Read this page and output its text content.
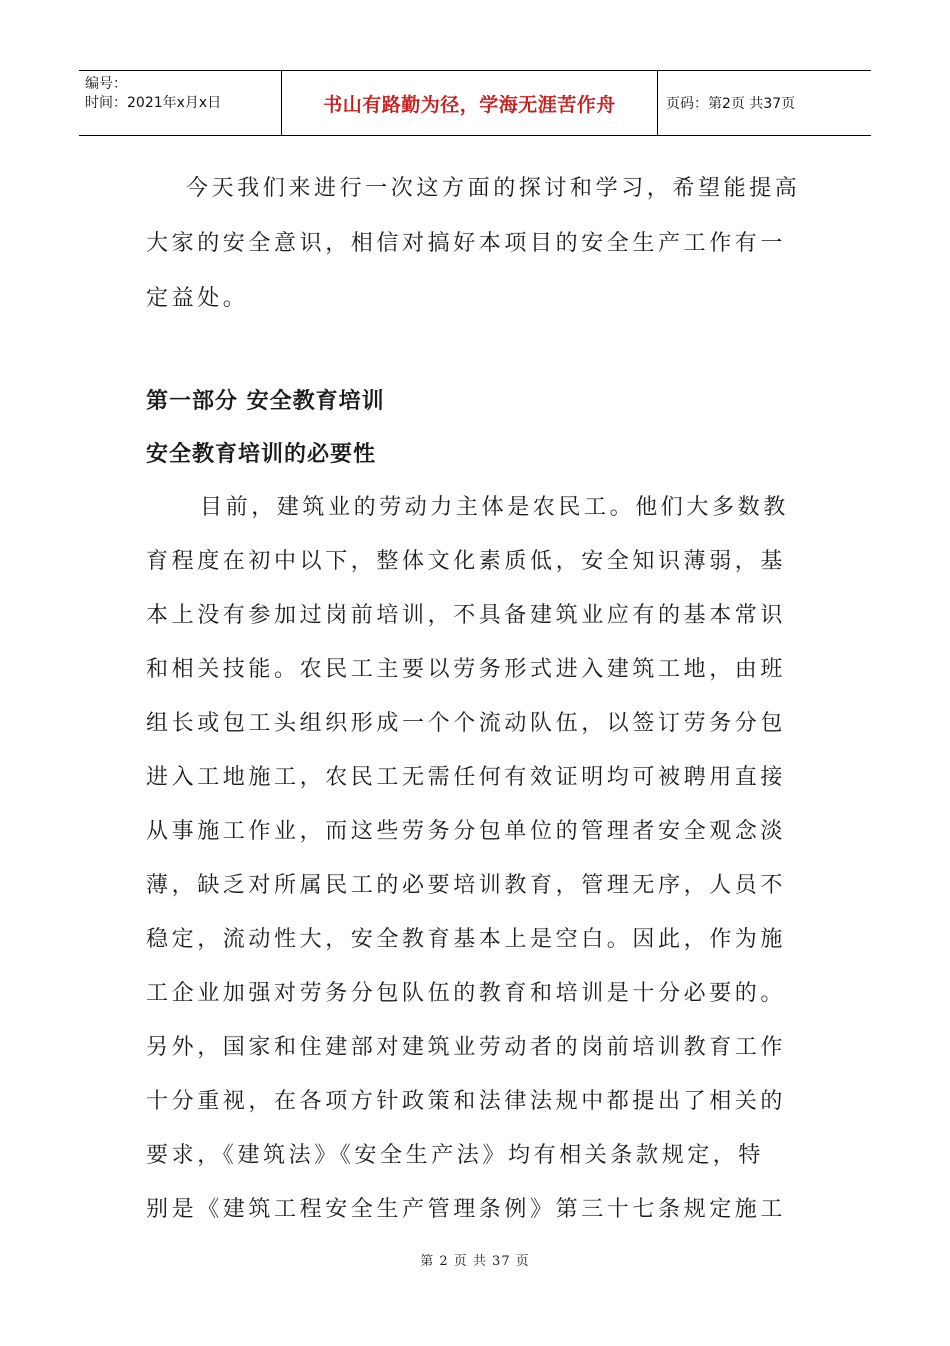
编号：
时间：2021年x月x日	书山有路勤为径，学海无涯苦作舟	页码：第2页 共37页
今天我们来进行一次这方面的探讨和学习，希望能提高
大家的安全意识，相信对搞好本项目的安全生产工作有一
定益处。
第一部分 安全教育培训
安全教育培训的必要性
目前，建筑业的劳动力主体是农民工。他们大多数教
育程度在初中以下，整体文化素质低，安全知识薄弱，基
本上没有参加过岗前培训，不具备建筑业应有的基本常识
和相关技能。农民工主要以劳务形式进入建筑工地，由班
组长或包工头组织形成一个个流动队伍，以签订劳务分包
进入工地施工，农民工无需任何有效证明均可被聘用直接
从事施工作业，而这些劳务分包单位的管理者安全观念淡
薄，缺乏对所属民工的必要培训教育，管理无序，人员不
稳定，流动性大，安全教育基本上是空白。因此，作为施
工企业加强对劳务分包队伍的教育和培训是十分必要的。
另外，国家和住建部对建筑业劳动者的岗前培训教育工作
十分重视，在各项方针政策和法律法规中都提出了相关的
要求，《建筑法》《安全生产法》均有相关条款规定，特
别是《建筑工程安全生产管理条例》第三十七条规定施工
第 2 页 共 37 页
